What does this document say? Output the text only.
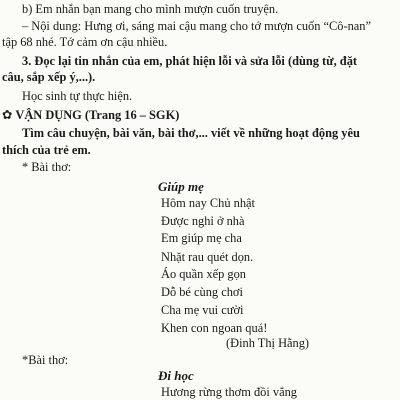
b) Em nhắn bạn mang cho mình mượn cuốn truyện.
– Nội dung: Hưng ơi, sáng mai cậu mang cho tớ mượn cuốn “Cô-nan”
tập 68 nhé. Tớ cảm ơn cậu nhiều.
3. Đọc lại tin nhắn của em, phát hiện lỗi và sửa lỗi (dùng từ, đặt
câu, sắp xếp ý,...).
Học sinh tự thực hiện.
✿ VẬN DỤNG (Trang 16 – SGK)
Tìm câu chuyện, bài văn, bài thơ,... viết về những hoạt động yêu
thích của trẻ em.
* Bài thơ:
Giúp mẹ
Hôm nay Chủ nhật
Được nghỉ ở nhà
Em giúp mẹ cha
Nhặt rau quét dọn.
Áo quần xếp gọn
Dỗ bé cùng chơi
Cha mẹ vui cười
Khen con ngoan quá!
(Đinh Thị Hằng)
*Bài thơ:
Đi học
Hương rừng thơm đồi vắng
